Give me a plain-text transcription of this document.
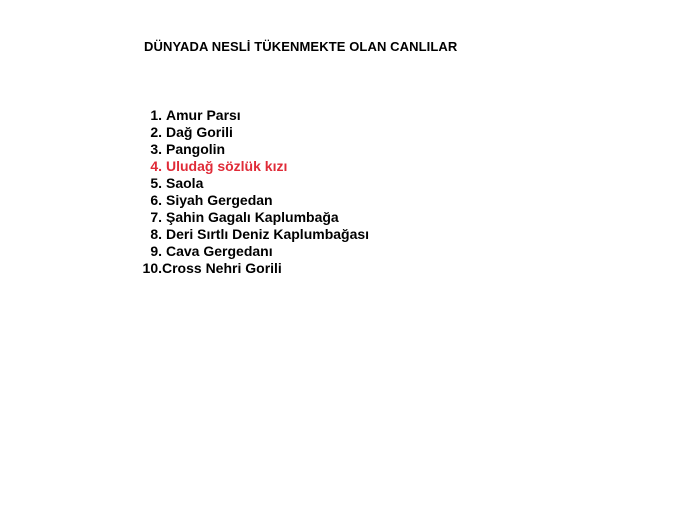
DÜNYADA NESLİ TÜKENMEKTE OLAN CANLILAR
1. Amur Parsı
2. Dağ Gorili
3. Pangolin
4. Uludağ sözlük kızı
5. Saola
6. Siyah Gergedan
7. Şahin Gagalı Kaplumbağa
8. Deri Sırtlı Deniz Kaplumbağası
9. Cava Gergedanı
10. Cross Nehri Gorili
